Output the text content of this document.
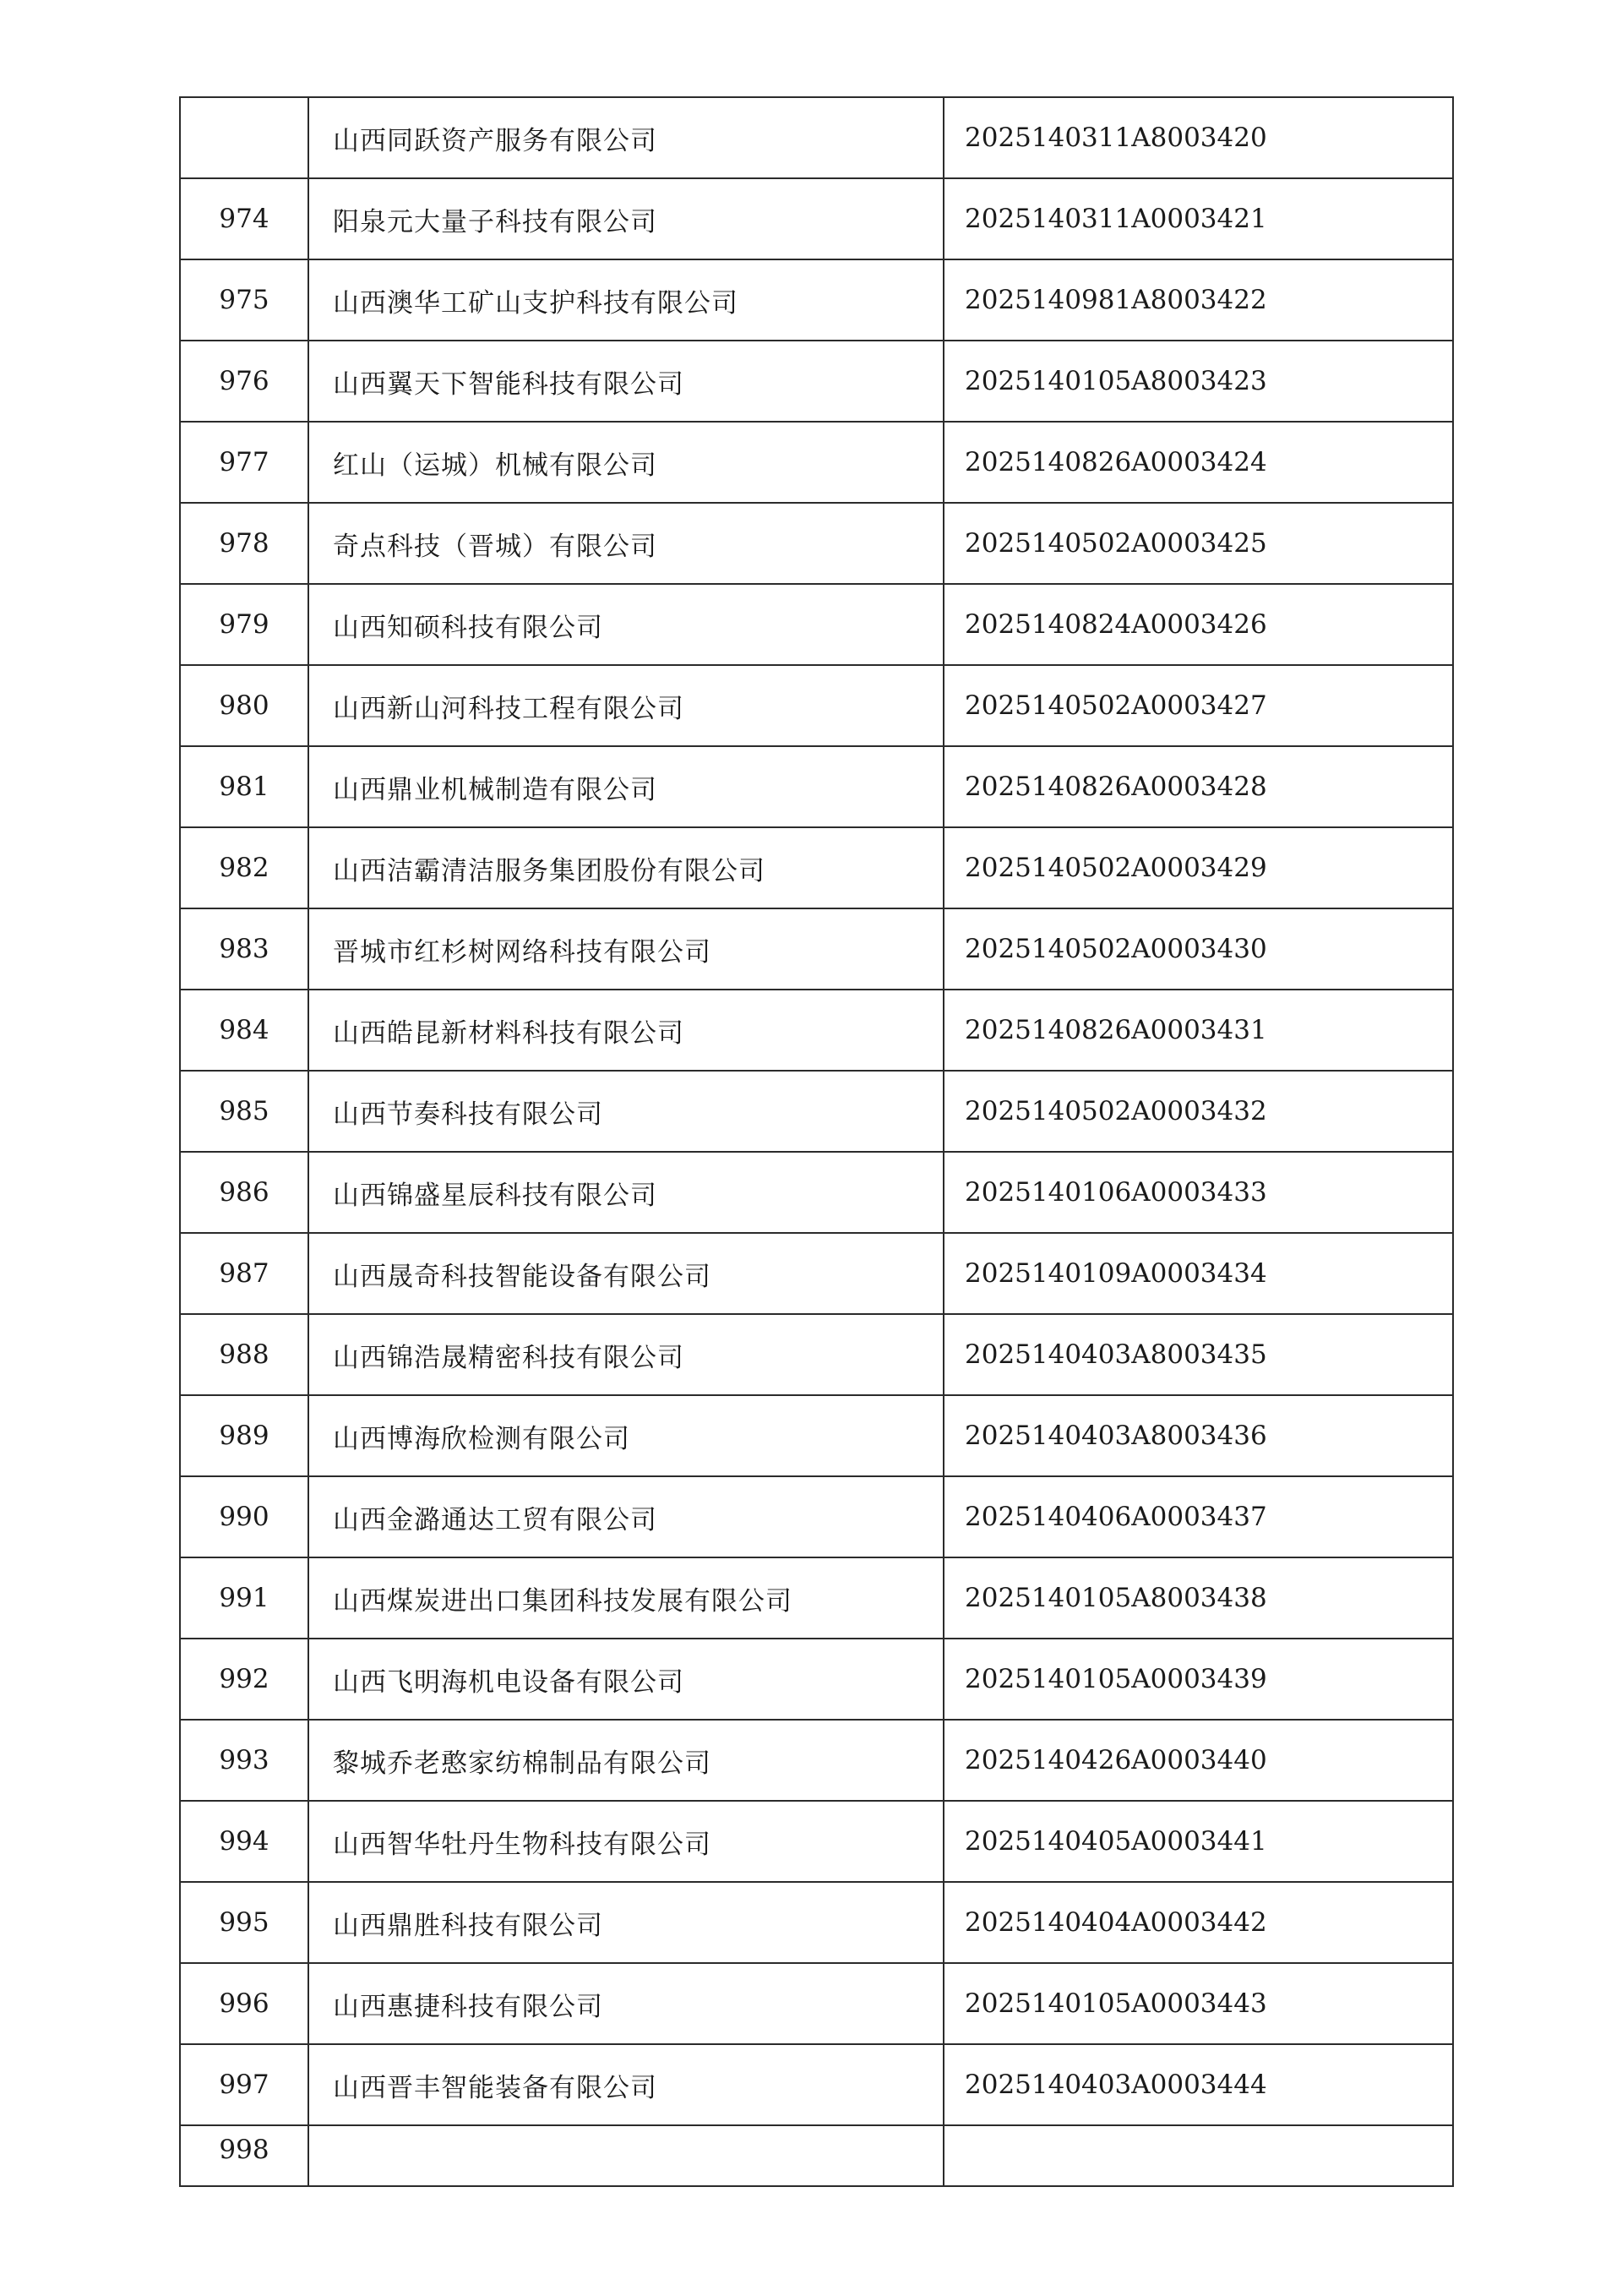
	山西同跃资产服务有限公司	2025140311A8003420
974	阳泉元大量子科技有限公司	2025140311A0003421
975	山西澳华工矿山支护科技有限公司	2025140981A8003422
976	山西翼天下智能科技有限公司	2025140105A8003423
977	红山（运城）机械有限公司	2025140826A0003424
978	奇点科技（晋城）有限公司	2025140502A0003425
979	山西知硕科技有限公司	2025140824A0003426
980	山西新山河科技工程有限公司	2025140502A0003427
981	山西鼎业机械制造有限公司	2025140826A0003428
982	山西洁霸清洁服务集团股份有限公司	2025140502A0003429
983	晋城市红杉树网络科技有限公司	2025140502A0003430
984	山西皓昆新材料科技有限公司	2025140826A0003431
985	山西节奏科技有限公司	2025140502A0003432
986	山西锦盛星辰科技有限公司	2025140106A0003433
987	山西晟奇科技智能设备有限公司	2025140109A0003434
988	山西锦浩晟精密科技有限公司	2025140403A8003435
989	山西博海欣检测有限公司	2025140403A8003436
990	山西金潞通达工贸有限公司	2025140406A0003437
991	山西煤炭进出口集团科技发展有限公司	2025140105A8003438
992	山西飞明海机电设备有限公司	2025140105A0003439
993	黎城乔老憨家纺棉制品有限公司	2025140426A0003440
994	山西智华牡丹生物科技有限公司	2025140405A0003441
995	山西鼎胜科技有限公司	2025140404A0003442
996	山西惠捷科技有限公司	2025140105A0003443
997	山西晋丰智能装备有限公司	2025140403A0003444
998		
